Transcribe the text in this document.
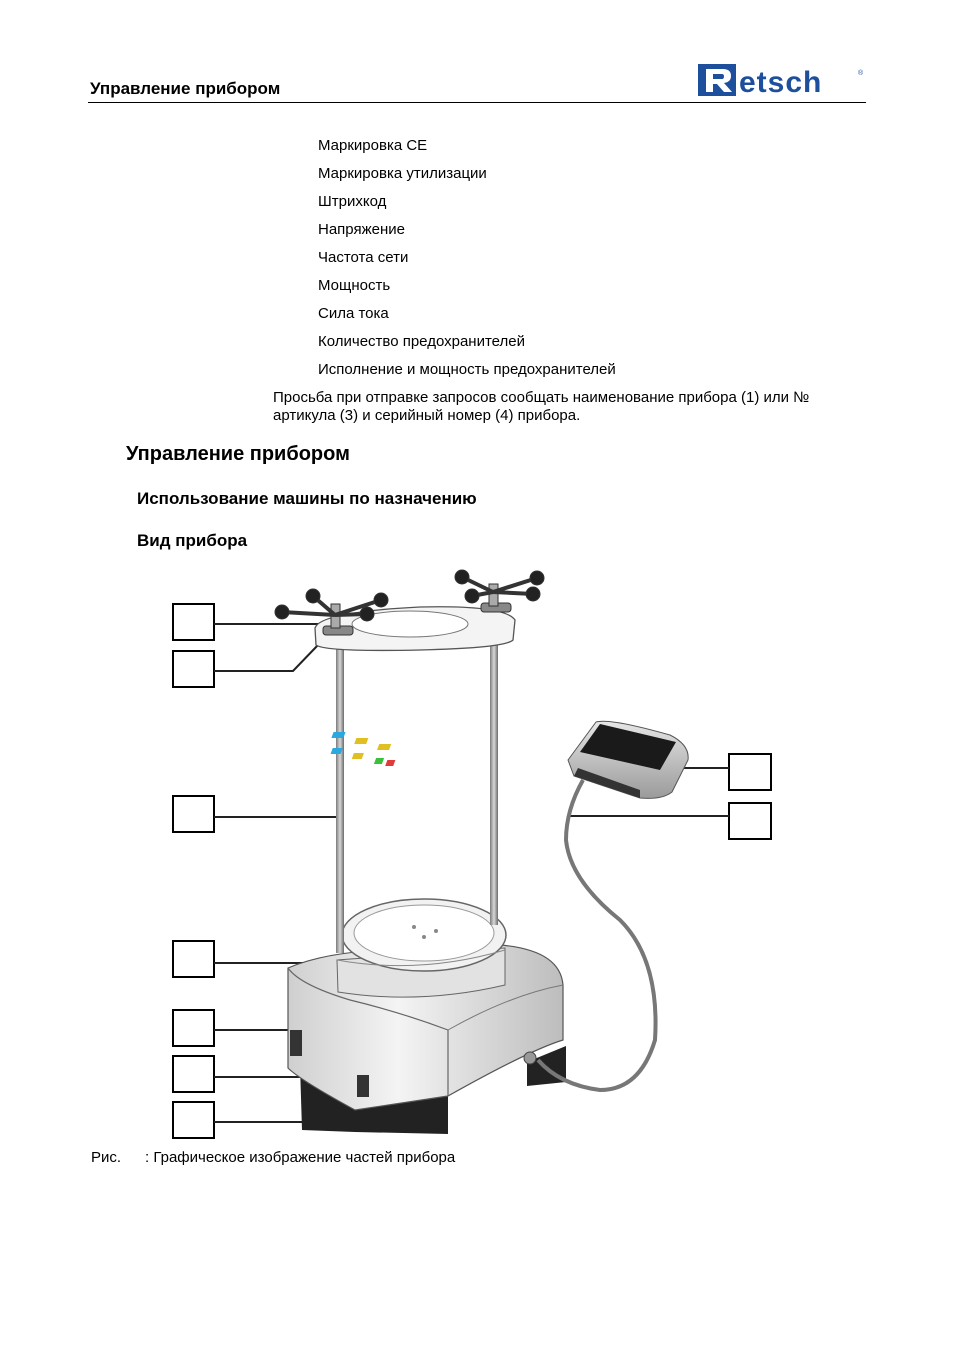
Управление прибором	etsch	®
Маркировка CE
Маркировка утилизации
Штрихкод
Напряжение
Частота сети
Мощность
Сила тока
Количество предохранителей
Исполнение и мощность предохранителей
Просьба при отправке запросов сообщать наименование прибора (1) или №
артикула (3) и серийный номер (4) прибора.
Управление прибором
Использование машины по назначению
Вид прибора
Рис. : Графическое изображение частей прибора
